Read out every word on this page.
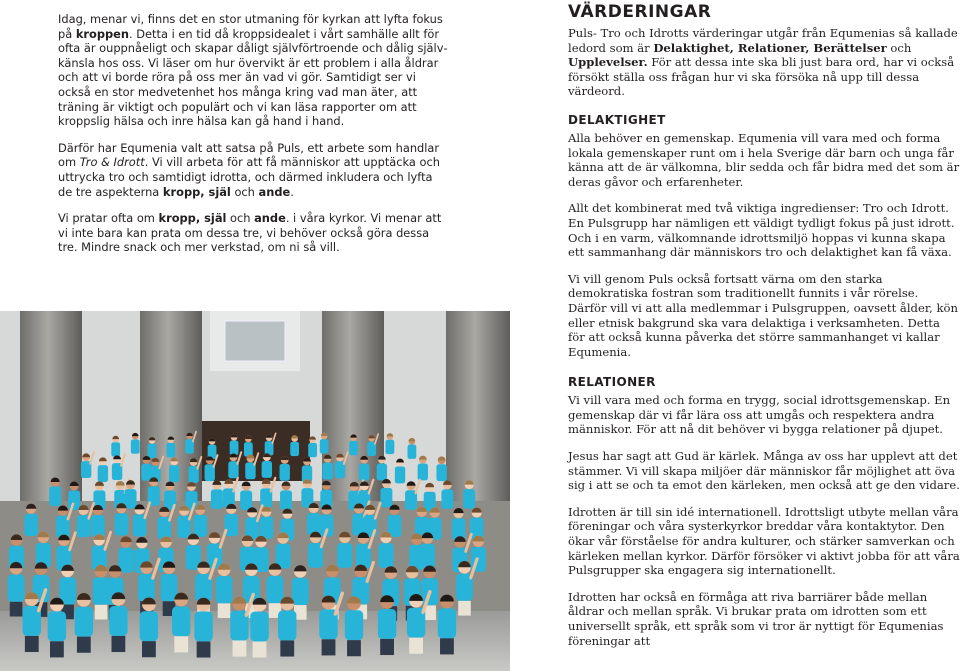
Idag, menar vi, finns det en stor utmaning för kyrkan att lyfta fokus på kroppen. Detta i en tid då kroppsidealet i vårt samhälle allt för ofta är ouppnåeligt och skapar dåligt självförtroende och dålig självkänsla hos oss. Vi läser om hur övervikt är ett problem i alla åldrar och att vi borde röra på oss mer än vad vi gör. Samtidigt ser vi också en stor medvetenhet hos många kring vad man äter, att träning är viktigt och populärt och vi kan läsa rapporter om att kroppslig hälsa och inre hälsa kan gå hand i hand.

Därför har Equmenia valt att satsa på Puls, ett arbete som handlar om Tro & Idrott. Vi vill arbeta för att få människor att upptäcka och uttrycka tro och samtidigt idrotta, och därmed inkludera och lyfta de tre aspekterna kropp, själ och ande.

Vi pratar ofta om kropp, själ och ande. i våra kyrkor. Vi menar att vi inte bara kan prata om dessa tre, vi behöver också göra dessa tre. Mindre snack och mer verkstad, om ni så vill.

VÄRDERINGAR

Puls- Tro och Idrotts värderingar utgår från Equmenias så kallade ledord som är Delaktighet, Relationer, Berättelser och Upplevelser. För att dessa inte ska bli just bara ord, har vi också försökt ställa oss frågan hur vi ska försöka nå upp till dessa värdeord.

DELAKTIGHET

Alla behöver en gemenskap. Equmenia vill vara med och forma lokala gemenskaper runt om i hela Sverige där barn och unga får känna att de är välkomna, blir sedda och får bidra med det som är deras gåvor och erfarenheter.

Allt det kombinerat med två viktiga ingredienser: Tro och Idrott. En Pulsgrupp har nämligen ett väldigt tydligt fokus på just idrott. Och i en varm, välkomnande idrottsmiljö hoppas vi kunna skapa ett sammanhang där människors tro och delaktighet kan få växa.

Vi vill genom Puls också fortsatt värna om den starka demokratiska fostran som traditionellt funnits i vår rörelse. Därför vill vi att alla medlemmar i Pulsgruppen, oavsett ålder, kön eller etnisk bakgrund ska vara delaktiga i verksamheten. Detta för att också kunna påverka det större sammanhanget vi kallar Equmenia.

RELATIONER

Vi vill vara med och forma en trygg, social idrottsgemenskap. En gemenskap där vi får lära oss att umgås och respektera andra människor. För att nå dit behöver vi bygga relationer på djupet.

Jesus har sagt att Gud är kärlek. Många av oss har upplevt att det stämmer. Vi vill skapa miljöer där människor får möjlighet att öva sig i att se och ta emot den kärleken, men också att ge den vidare.

Idrotten är till sin idé internationell. Idrottsligt utbyte mellan våra föreningar och våra systerkyrkor breddar våra kontaktytor. Den ökar vår förståelse för andra kulturer, och stärker samverkan och kärleken mellan kyrkor. Därför försöker vi aktivt jobba för att våra Pulsgrupper ska engagera sig internationellt.

Idrotten har också en förmåga att riva barriärer både mellan åldrar och mellan språk. Vi brukar prata om idrotten som ett universellt språk, ett språk som vi tror är nyttigt för Equmenias föreningar att
